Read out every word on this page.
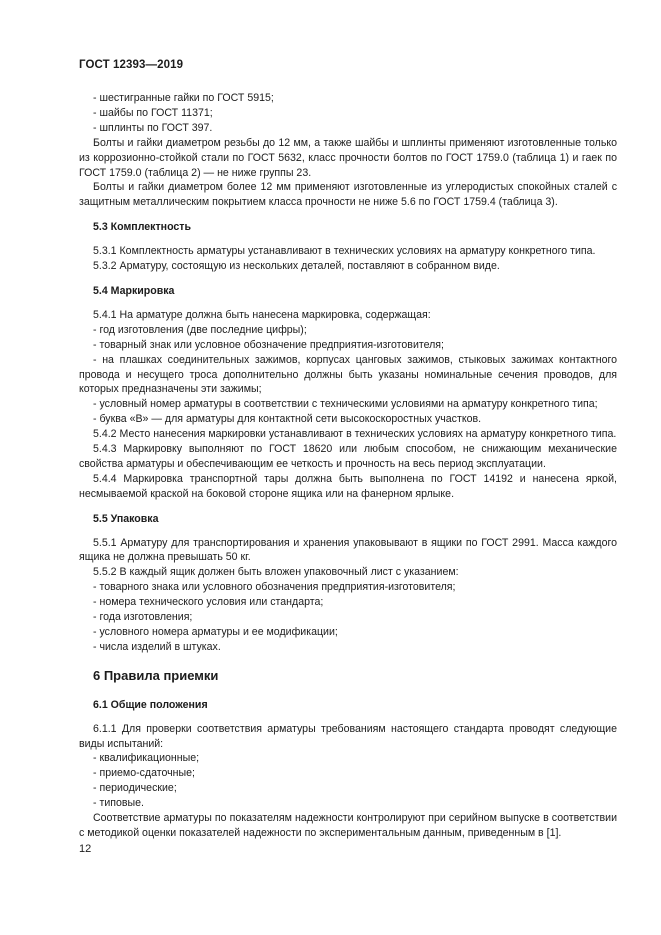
ГОСТ 12393—2019

- шестигранные гайки по ГОСТ 5915;

- шайбы по ГОСТ 11371;

- шплинты по ГОСТ 397.

Болты и гайки диаметром резьбы до 12 мм, а также шайбы и шплинты применяют изготовленные только из коррозионно-стойкой стали по ГОСТ 5632, класс прочности болтов по ГОСТ 1759.0 (таблица 1) и гаек по ГОСТ 1759.0 (таблица 2) — не ниже группы 23.

Болты и гайки диаметром более 12 мм применяют изготовленные из углеродистых спокойных сталей с защитным металлическим покрытием класса прочности не ниже 5.6 по ГОСТ 1759.4 (таблица 3).

5.3 Комплектность

5.3.1 Комплектность арматуры устанавливают в технических условиях на арматуру конкретного типа.

5.3.2 Арматуру, состоящую из нескольких деталей, поставляют в собранном виде.

5.4 Маркировка

5.4.1 На арматуре должна быть нанесена маркировка, содержащая:

- год изготовления (две последние цифры);

- товарный знак или условное обозначение предприятия-изготовителя;

- на плашках соединительных зажимов, корпусах цанговых зажимов, стыковых зажимах контактного провода и несущего троса дополнительно должны быть указаны номинальные сечения проводов, для которых предназначены эти зажимы;

- условный номер арматуры в соответствии с техническими условиями на арматуру конкретного типа;

- буква «В» — для арматуры для контактной сети высокоскоростных участков.

5.4.2 Место нанесения маркировки устанавливают в технических условиях на арматуру конкретного типа.

5.4.3 Маркировку выполняют по ГОСТ 18620 или любым способом, не снижающим механические свойства арматуры и обеспечивающим ее четкость и прочность на весь период эксплуатации.

5.4.4 Маркировка транспортной тары должна быть выполнена по ГОСТ 14192 и нанесена яркой, несмываемой краской на боковой стороне ящика или на фанерном ярлыке.

5.5 Упаковка

5.5.1 Арматуру для транспортирования и хранения упаковывают в ящики по ГОСТ 2991. Масса каждого ящика не должна превышать 50 кг.

5.5.2 В каждый ящик должен быть вложен упаковочный лист с указанием:

- товарного знака или условного обозначения предприятия-изготовителя;

- номера технического условия или стандарта;

- года изготовления;

- условного номера арматуры и ее модификации;

- числа изделий в штуках.

6 Правила приемки

6.1 Общие положения

6.1.1 Для проверки соответствия арматуры требованиям настоящего стандарта проводят следующие виды испытаний:

- квалификационные;

- приемо-сдаточные;

- периодические;

- типовые.

Соответствие арматуры по показателям надежности контролируют при серийном выпуске в соответствии с методикой оценки показателей надежности по экспериментальным данным, приведенным в [1].

12
